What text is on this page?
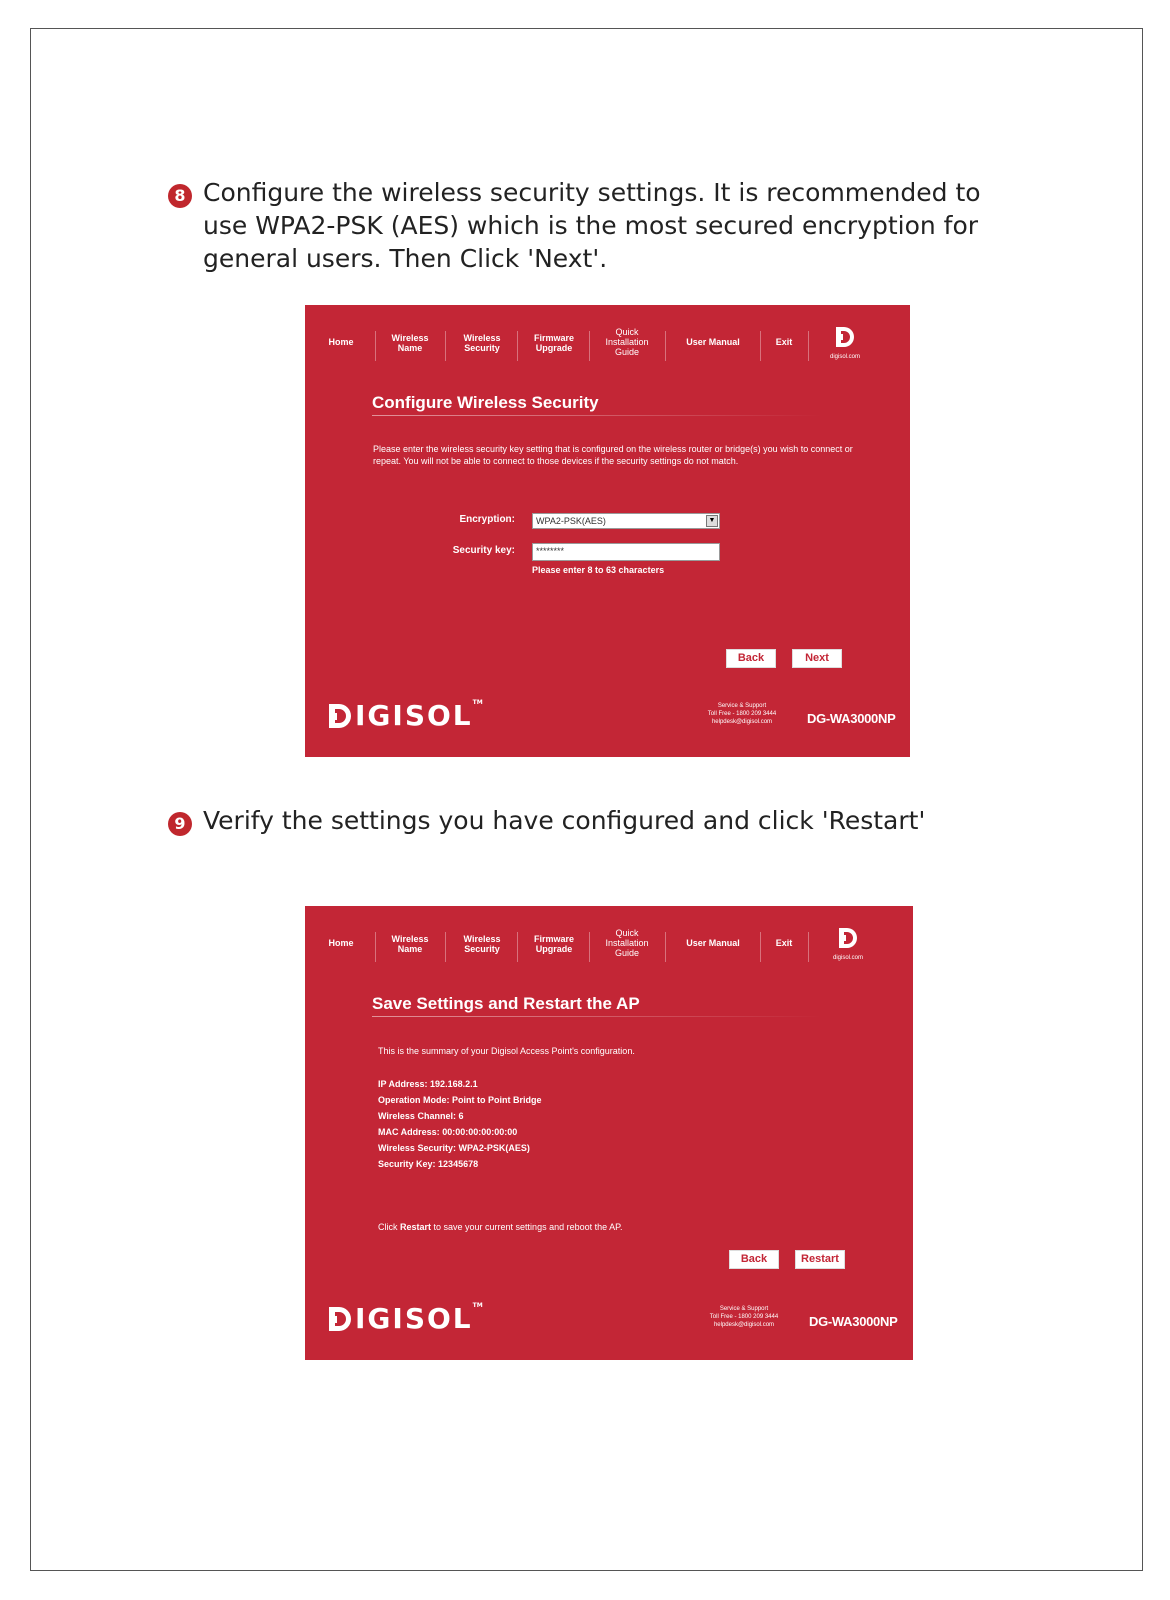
8 Configure the wireless security settings. It is recommended to use WPA2-PSK (AES) which is the most secured encryption for general users. Then Click 'Next'.
Home	Wireless
Name
Wireless
Security
Firmware
Upgrade
Quick
Installation
Guide
User Manual	Exit
digisol.com
Configure Wireless Security
Please enter the wireless security key setting that is configured on the wireless router or bridge(s) you wish to connect or repeat. You will not be able to connect to those devices if the security settings do not match.
Encryption:	WPA2-PSK(AES)	▼
Security key:	********
Please enter 8 to 63 characters
Back	Next
IGISOL™	Service & Support
Toll Free - 1800 209 3444
helpdesk@digisol.com	DG-WA3000NP
9 Verify the settings you have configured and click 'Restart'
Home	Wireless
Name
Wireless
Security
Firmware
Upgrade
Quick
Installation
Guide
User Manual	Exit
digisol.com
Save Settings and Restart the AP
This is the summary of your Digisol Access Point's configuration.
IP Address: 192.168.2.1
Operation Mode: Point to Point Bridge
Wireless Channel: 6
MAC Address: 00:00:00:00:00:00
Wireless Security: WPA2-PSK(AES)
Security Key: 12345678
Click Restart to save your current settings and reboot the AP.
Back	Restart
IGISOL™	Service & Support
Toll Free - 1800 209 3444
helpdesk@digisol.com	DG-WA3000NP
